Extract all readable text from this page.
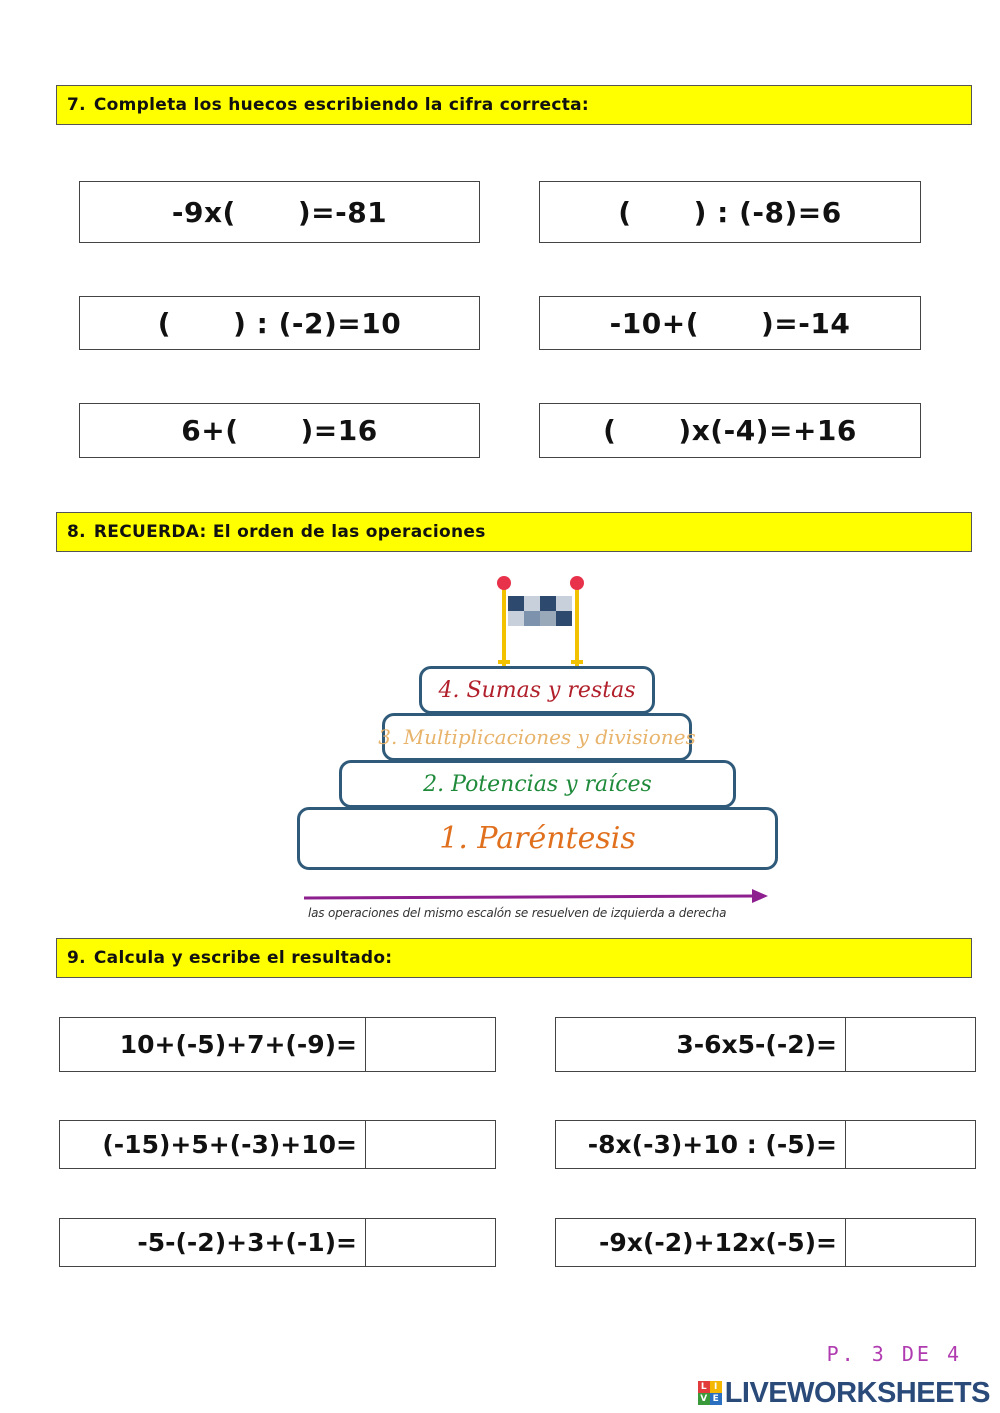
7. Completa los huecos escribiendo la cifra correcta:
-9x( )=-81	( ) : (-8)=6
( ) : (-2)=10	-10+( )=-14
6+( )=16	( )x(-4)=+16
8. RECUERDA: El orden de las operaciones
4. Sumas y restas
3. Multiplicaciones y divisiones
2. Potencias y raíces
1. Paréntesis
las operaciones del mismo escalón se resuelven de izquierda a derecha
9. Calcula y escribe el resultado:
10+(-5)+7+(-9)=	3-6x5-(-2)=
(-15)+5+(-3)+10=	-8x(-3)+10 : (-5)=
-5-(-2)+3+(-1)=	-9x(-2)+12x(-5)=
P. 3 DE 4
L I
V E LIVEWORKSHEETS
